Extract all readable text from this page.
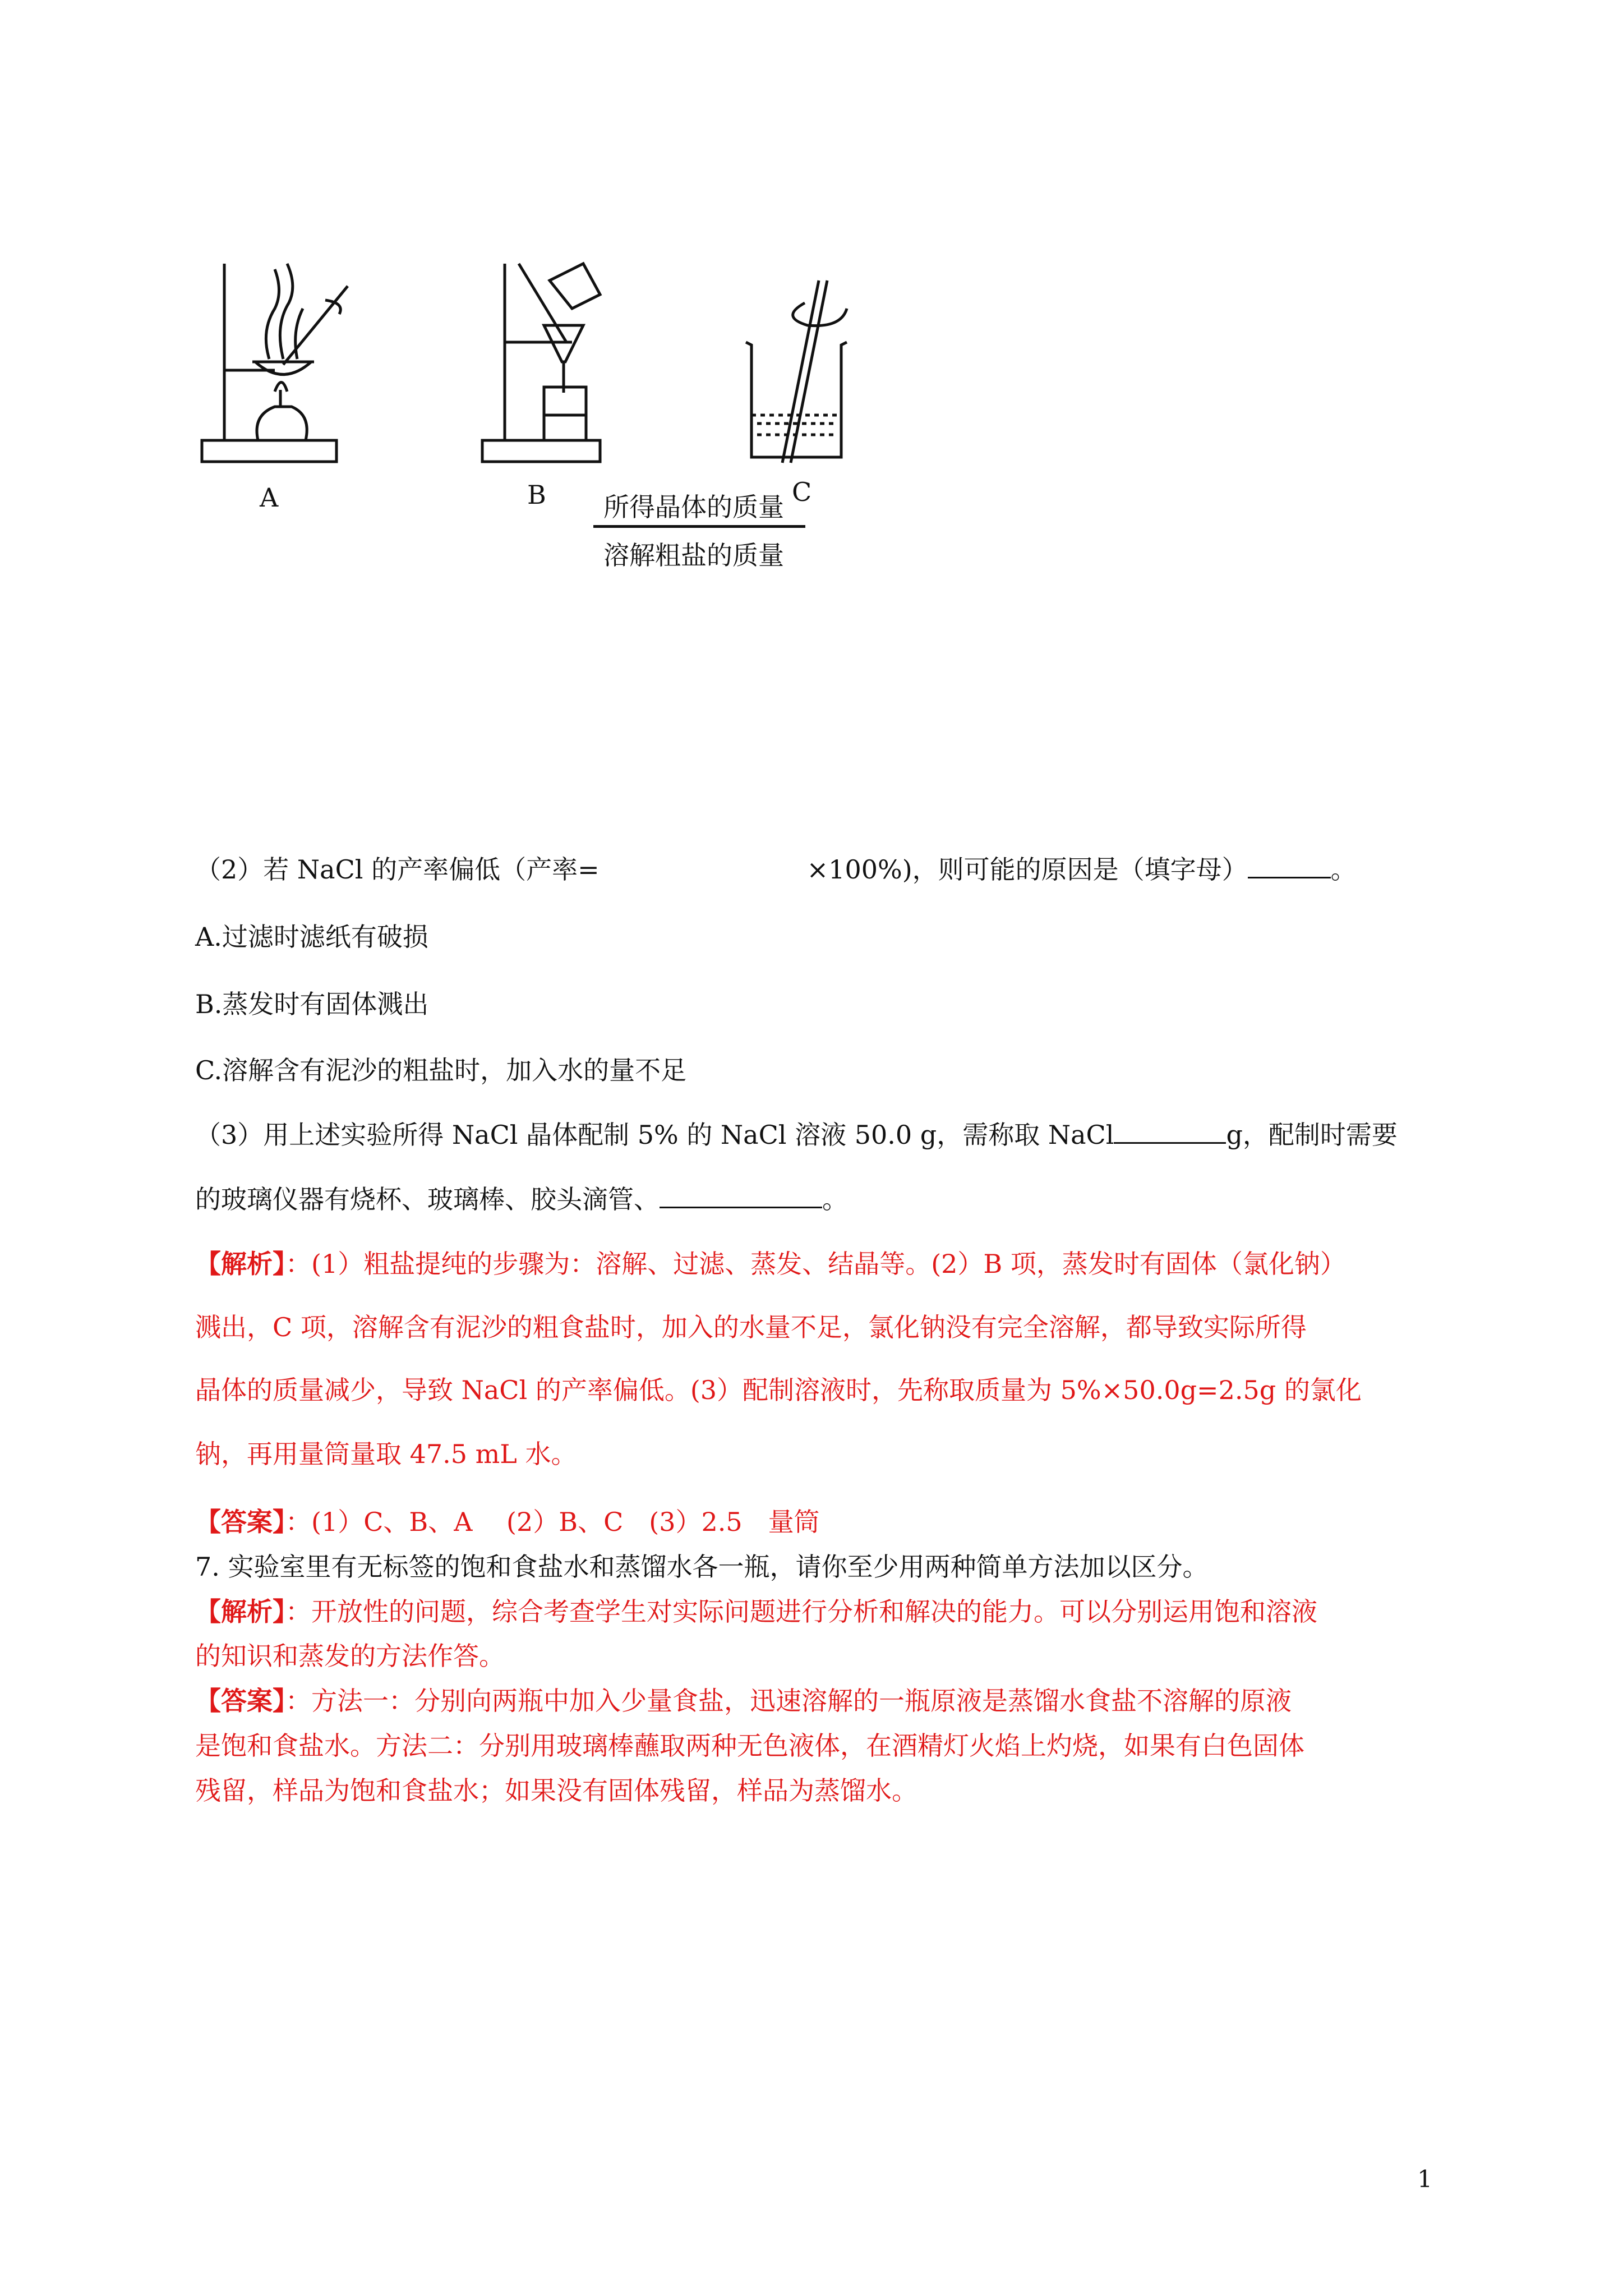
A	B	C
所得晶体的质量
溶解粗盐的质量
（2）若 NaCl 的产率偏低（产率=	×100%)，则可能的原因是（填字母）	。
A.过滤时滤纸有破损
B.蒸发时有固体溅出
C.溶解含有泥沙的粗盐时，加入水的量不足
（3）用上述实验所得 NaCl 晶体配制 5% 的 NaCl 溶液 50.0 g，需称取 NaCl	g，配制时需要
的玻璃仪器有烧杯、玻璃棒、胶头滴管、	。
【解析】：(1）粗盐提纯的步骤为：溶解、过滤、蒸发、结晶等。(2）B 项，蒸发时有固体（氯化钠）
溅出，C 项，溶解含有泥沙的粗食盐时，加入的水量不足，氯化钠没有完全溶解，都导致实际所得
晶体的质量减少，导致 NaCl 的产率偏低。(3）配制溶液时，先称取质量为 5%×50.0g=2.5g 的氯化
钠，再用量筒量取 47.5 mL 水。
【答案】：(1）C、B、A　 (2）B、C　(3）2.5　量筒
7. 实验室里有无标签的饱和食盐水和蒸馏水各一瓶，请你至少用两种简单方法加以区分。
【解析】：开放性的问题，综合考查学生对实际问题进行分析和解决的能力。可以分别运用饱和溶液
的知识和蒸发的方法作答。
【答案】：方法一：分别向两瓶中加入少量食盐，迅速溶解的一瓶原液是蒸馏水食盐不溶解的原液
是饱和食盐水。方法二：分别用玻璃棒蘸取两种无色液体，在酒精灯火焰上灼烧，如果有白色固体
残留，样品为饱和食盐水；如果没有固体残留，样品为蒸馏水。
1
